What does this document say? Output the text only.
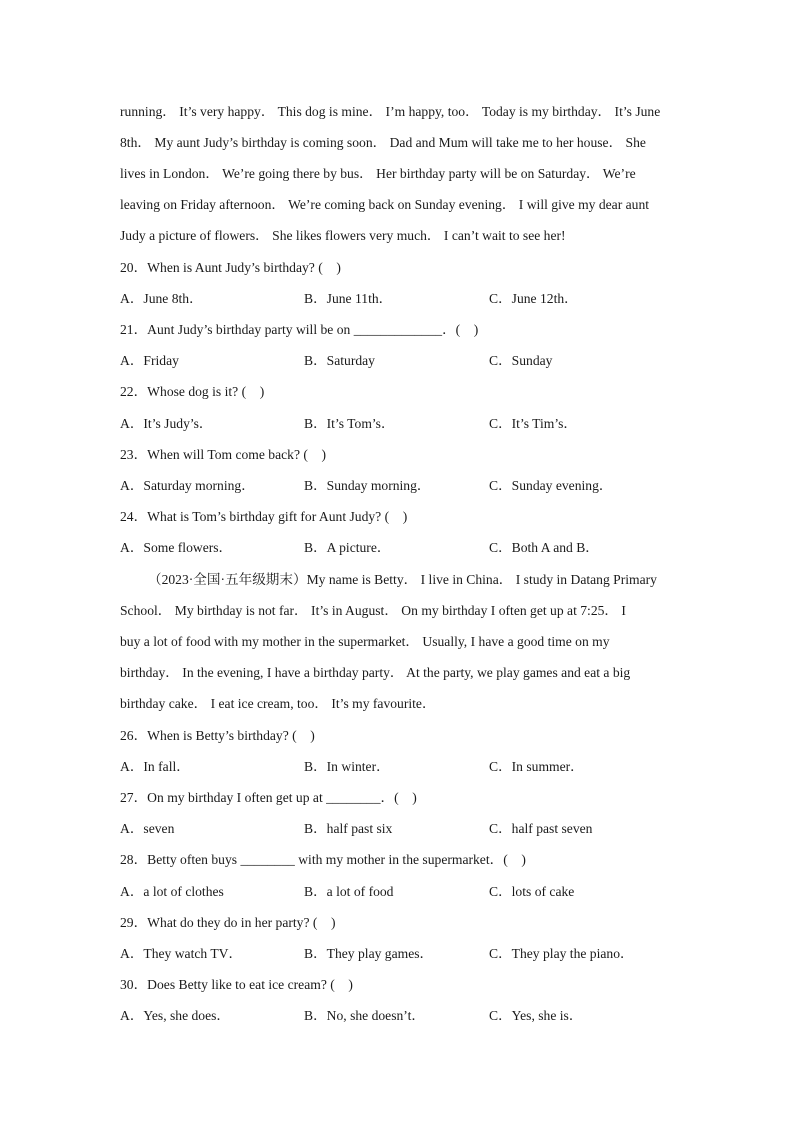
running． It’s very happy． This dog is mine． I’m happy, too． Today is my birthday． It’s June
8th． My aunt Judy’s birthday is coming soon． Dad and Mum will take me to her house． She
lives in London． We’re going there by bus． Her birthday party will be on Saturday． We’re
leaving on Friday afternoon． We’re coming back on Sunday evening． I will give my dear aunt
Judy a picture of flowers． She likes flowers very much． I can’t wait to see her!
20．When is Aunt Judy’s birthday? (　)
A．June 8th．	B．June 11th．	C．June 12th．
21．Aunt Judy’s birthday party will be on _____________．(　)
A．Friday	B．Saturday	C．Sunday
22．Whose dog is it? (　)
A．It’s Judy’s．	B．It’s Tom’s．	C．It’s Tim’s．
23．When will Tom come back? (　)
A．Saturday morning．	B．Sunday morning．	C．Sunday evening．
24．What is Tom’s birthday gift for Aunt Judy? (　)
A．Some flowers．	B．A picture．	C．Both A and B．
（2023·全国·五年级期末）My name is Betty． I live in China． I study in Datang Primary
School． My birthday is not far． It’s in August． On my birthday I often get up at 7:25． I
buy a lot of food with my mother in the supermarket． Usually, I have a good time on my
birthday． In the evening, I have a birthday party． At the party, we play games and eat a big
birthday cake． I eat ice cream, too． It’s my favourite．
26．When is Betty’s birthday? (　)
A．In fall．	B．In winter．	C．In summer．
27．On my birthday I often get up at ________．(　)
A．seven	B．half past six	C．half past seven
28．Betty often buys ________ with my mother in the supermarket．(　)
A．a lot of clothes	B．a lot of food	C．lots of cake
29．What do they do in her party? (　)
A．They watch TV．	B．They play games．	C．They play the piano．
30．Does Betty like to eat ice cream? (　)
A．Yes, she does．	B．No, she doesn’t．	C．Yes, she is．
